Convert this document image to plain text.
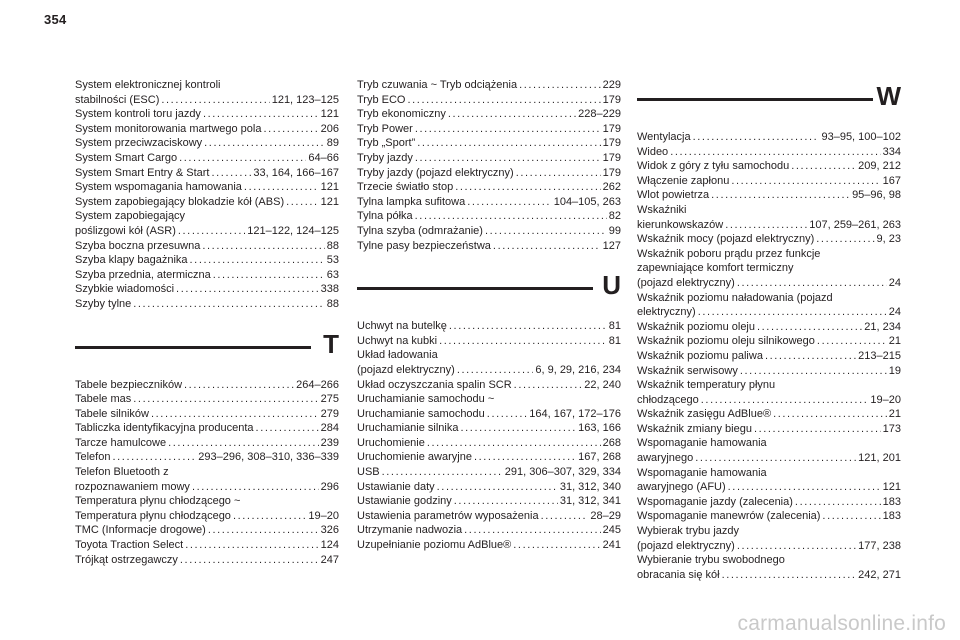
354
System elektronicznej kontroli
stabilności (ESC) .....	121, 123–125
System kontroli toru jazdy .....	121
System monitorowania martwego pola .....	206
System przeciwzaciskowy .....	89
System Smart Cargo .....	64–66
System Smart Entry & Start .....	33, 164, 166–167
System wspomagania hamowania .....	121
System zapobiegający blokadzie kół (ABS) .....	121
System zapobiegający
poślizgowi kół (ASR) .....	121–122, 124–125
Szyba boczna przesuwna .....	88
Szyba klapy bagażnika .....	53
Szyba przednia, atermiczna .....	63
Szybkie wiadomości .....	338
Szyby tylne .....	88
T
Tabele bezpieczników .....	264–266
Tabele mas .....	275
Tabele silników .....	279
Tabliczka identyfikacyjna producenta .....	284
Tarcze hamulcowe .....	239
Telefon .....	293–296, 308–310, 336–339
Telefon Bluetooth z
rozpoznawaniem mowy .....	296
Temperatura płynu chłodzącego ~
Temperatura płynu chłodzącego .....	19–20
TMC (Informacje drogowe) .....	326
Toyota Traction Select .....	124
Trójkąt ostrzegawczy .....	247
Tryb czuwania ~ Tryb odciążenia .....	229
Tryb ECO .....	179
Tryb ekonomiczny .....	228–229
Tryb Power .....	179
Tryb „Sport” .....	179
Tryby jazdy .....	179
Tryby jazdy (pojazd elektryczny) .....	179
Trzecie światło stop .....	262
Tylna lampka sufitowa .....	104–105, 263
Tylna półka .....	82
Tylna szyba (odmrażanie) .....	99
Tylne pasy bezpieczeństwa .....	127
U
Uchwyt na butelkę .....	81
Uchwyt na kubki .....	81
Układ ładowania
(pojazd elektryczny) .....	6, 9, 29, 216, 234
Układ oczyszczania spalin SCR .....	22, 240
Uruchamianie samochodu ~
Uruchamianie samochodu .....	164, 167, 172–176
Uruchamianie silnika .....	163, 166
Uruchomienie .....	268
Uruchomienie awaryjne .....	167, 268
USB .....	291, 306–307, 329, 334
Ustawianie daty .....	31, 312, 340
Ustawianie godziny .....	31, 312, 341
Ustawienia parametrów wyposażenia .....	28–29
Utrzymanie nadwozia .....	245
Uzupełnianie poziomu AdBlue® .....	241
W
Wentylacja .....	93–95, 100–102
Wideo .....	334
Widok z góry z tyłu samochodu .....	209, 212
Włączenie zapłonu .....	167
Wlot powietrza .....	95–96, 98
Wskaźniki
kierunkowskazów .....	107, 259–261, 263
Wskaźnik mocy (pojazd elektryczny) .....	9, 23
Wskaźnik poboru prądu przez funkcje
zapewniające komfort termiczny
(pojazd elektryczny) .....	24
Wskaźnik poziomu naładowania (pojazd
elektryczny) .....	24
Wskaźnik poziomu oleju .....	21, 234
Wskaźnik poziomu oleju silnikowego .....	21
Wskaźnik poziomu paliwa .....	213–215
Wskaźnik serwisowy .....	19
Wskaźnik temperatury płynu
chłodzącego .....	19–20
Wskaźnik zasięgu AdBlue® .....	21
Wskaźnik zmiany biegu .....	173
Wspomaganie hamowania
awaryjnego .....	121, 201
Wspomaganie hamowania
awaryjnego (AFU) .....	121
Wspomaganie jazdy (zalecenia) .....	183
Wspomaganie manewrów (zalecenia) .....	183
Wybierak trybu jazdy
(pojazd elektryczny) .....	177, 238
Wybieranie trybu swobodnego
obracania się kół .....	242, 271
carmanualsonline.info
